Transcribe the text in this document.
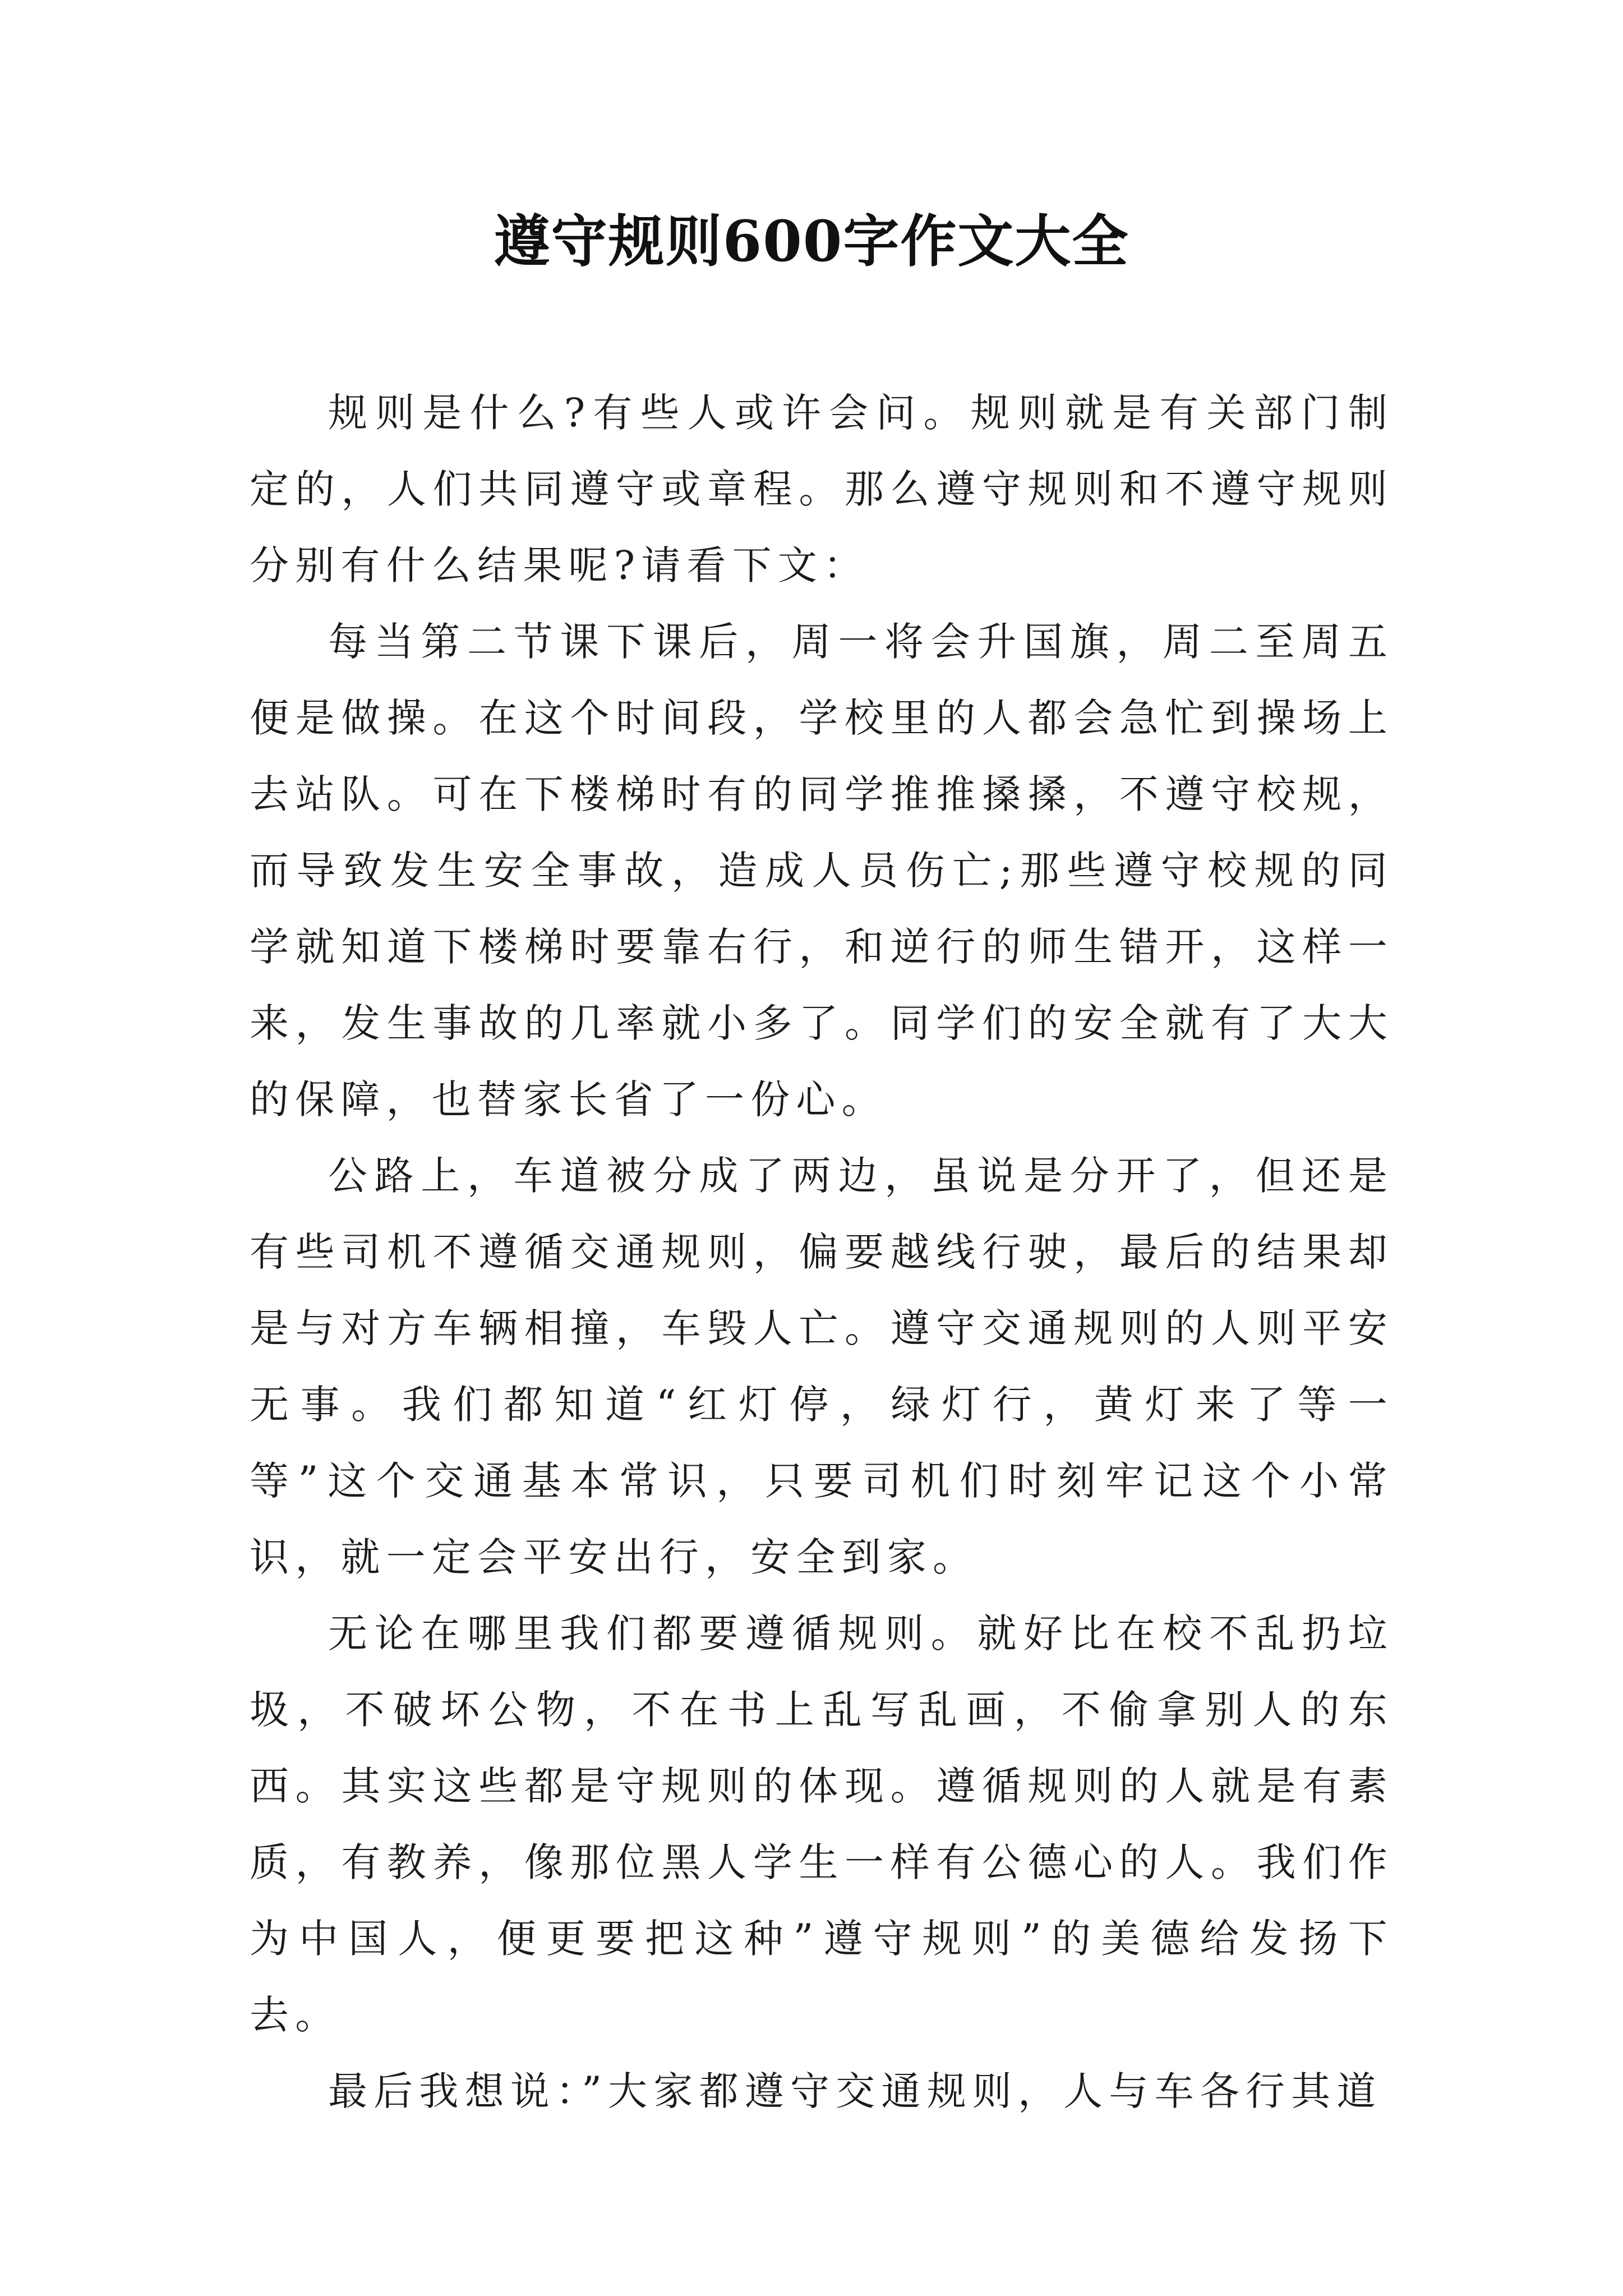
遵守规则600字作文大全

规则是什么?有些人或许会问。规则就是有关部门制定的，人们共同遵守或章程。那么遵守规则和不遵守规则分别有什么结果呢?请看下文：

每当第二节课下课后，周一将会升国旗，周二至周五便是做操。在这个时间段，学校里的人都会急忙到操场上去站队。可在下楼梯时有的同学推推搡搡，不遵守校规，而导致发生安全事故，造成人员伤亡;那些遵守校规的同学就知道下楼梯时要靠右行，和逆行的师生错开，这样一来，发生事故的几率就小多了。同学们的安全就有了大大的保障，也替家长省了一份心。

公路上，车道被分成了两边，虽说是分开了，但还是有些司机不遵循交通规则，偏要越线行驶，最后的结果却是与对方车辆相撞，车毁人亡。遵守交通规则的人则平安无事。我们都知道“红灯停，绿灯行，黄灯来了等一等”这个交通基本常识，只要司机们时刻牢记这个小常识，就一定会平安出行，安全到家。

无论在哪里我们都要遵循规则。就好比在校不乱扔垃圾，不破坏公物，不在书上乱写乱画，不偷拿别人的东西。其实这些都是守规则的体现。遵循规则的人就是有素质，有教养，像那位黑人学生一样有公德心的人。我们作为中国人，便更要把这种”遵守规则”的美德给发扬下去。

最后我想说：”大家都遵守交通规则，人与车各行其道
